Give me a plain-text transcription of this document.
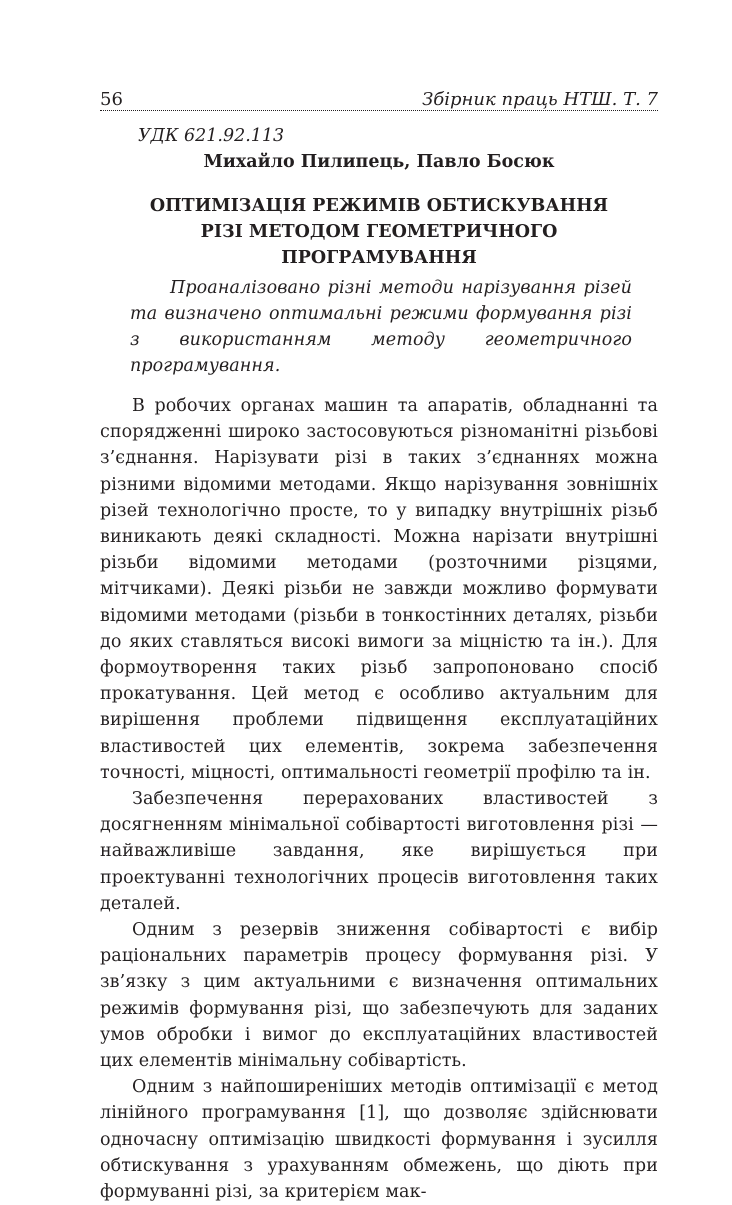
56	Збірник праць НТШ. Т. 7
УДК 621.92.113
Михайло Пилипець, Павло Босюк
ОПТИМІЗАЦІЯ РЕЖИМІВ ОБТИСКУВАННЯ
РІЗІ МЕТОДОМ ГЕОМЕТРИЧНОГО ПРОГРАМУВАННЯ
Проаналізовано різні методи нарізування різей та визначено оптимальні режими формування різі з використанням методу геометричного програмування.

В робочих органах машин та апаратів, обладнанні та спорядженні широко застосовуються різноманітні різьбові з’єднання. Нарізувати різі в таких з’єднаннях можна різними відомими методами. Якщо нарізування зовнішніх різей технологічно просте, то у випадку внутрішніх різьб виникають деякі складності. Можна нарізати внутрішні різьби відомими методами (розточними різцями, мітчиками). Деякі різьби не завжди можливо формувати відомими методами (різьби в тонкостінних деталях, різьби до яких ставляться високі вимоги за міцністю та ін.). Для формоутворення таких різьб запропоновано спосіб прокатування. Цей метод є особливо актуальним для вирішення проблеми підвищення експлуатаційних властивостей цих елементів, зокрема забезпечення точності, міцності, оптимальності геометрії профілю та ін.

Забезпечення перерахованих властивостей з досягненням мінімальної собівартості виготовлення різі — найважливіше завдання, яке вирішується при проектуванні технологічних процесів виготовлення таких деталей.

Одним з резервів зниження собівартості є вибір раціональних параметрів процесу формування різі. У зв’язку з цим актуальними є визначення оптимальних режимів формування різі, що забезпечують для заданих умов обробки і вимог до експлуатаційних властивостей цих елементів мінімальну собівартість.

Одним з найпоширеніших методів оптимізації є метод лінійного програмування [1], що дозволяє здійснювати одночасну оптимізацію швидкості формування і зусилля обтискування з урахуванням обмежень, що діють при формуванні різі, за критерієм мак-
